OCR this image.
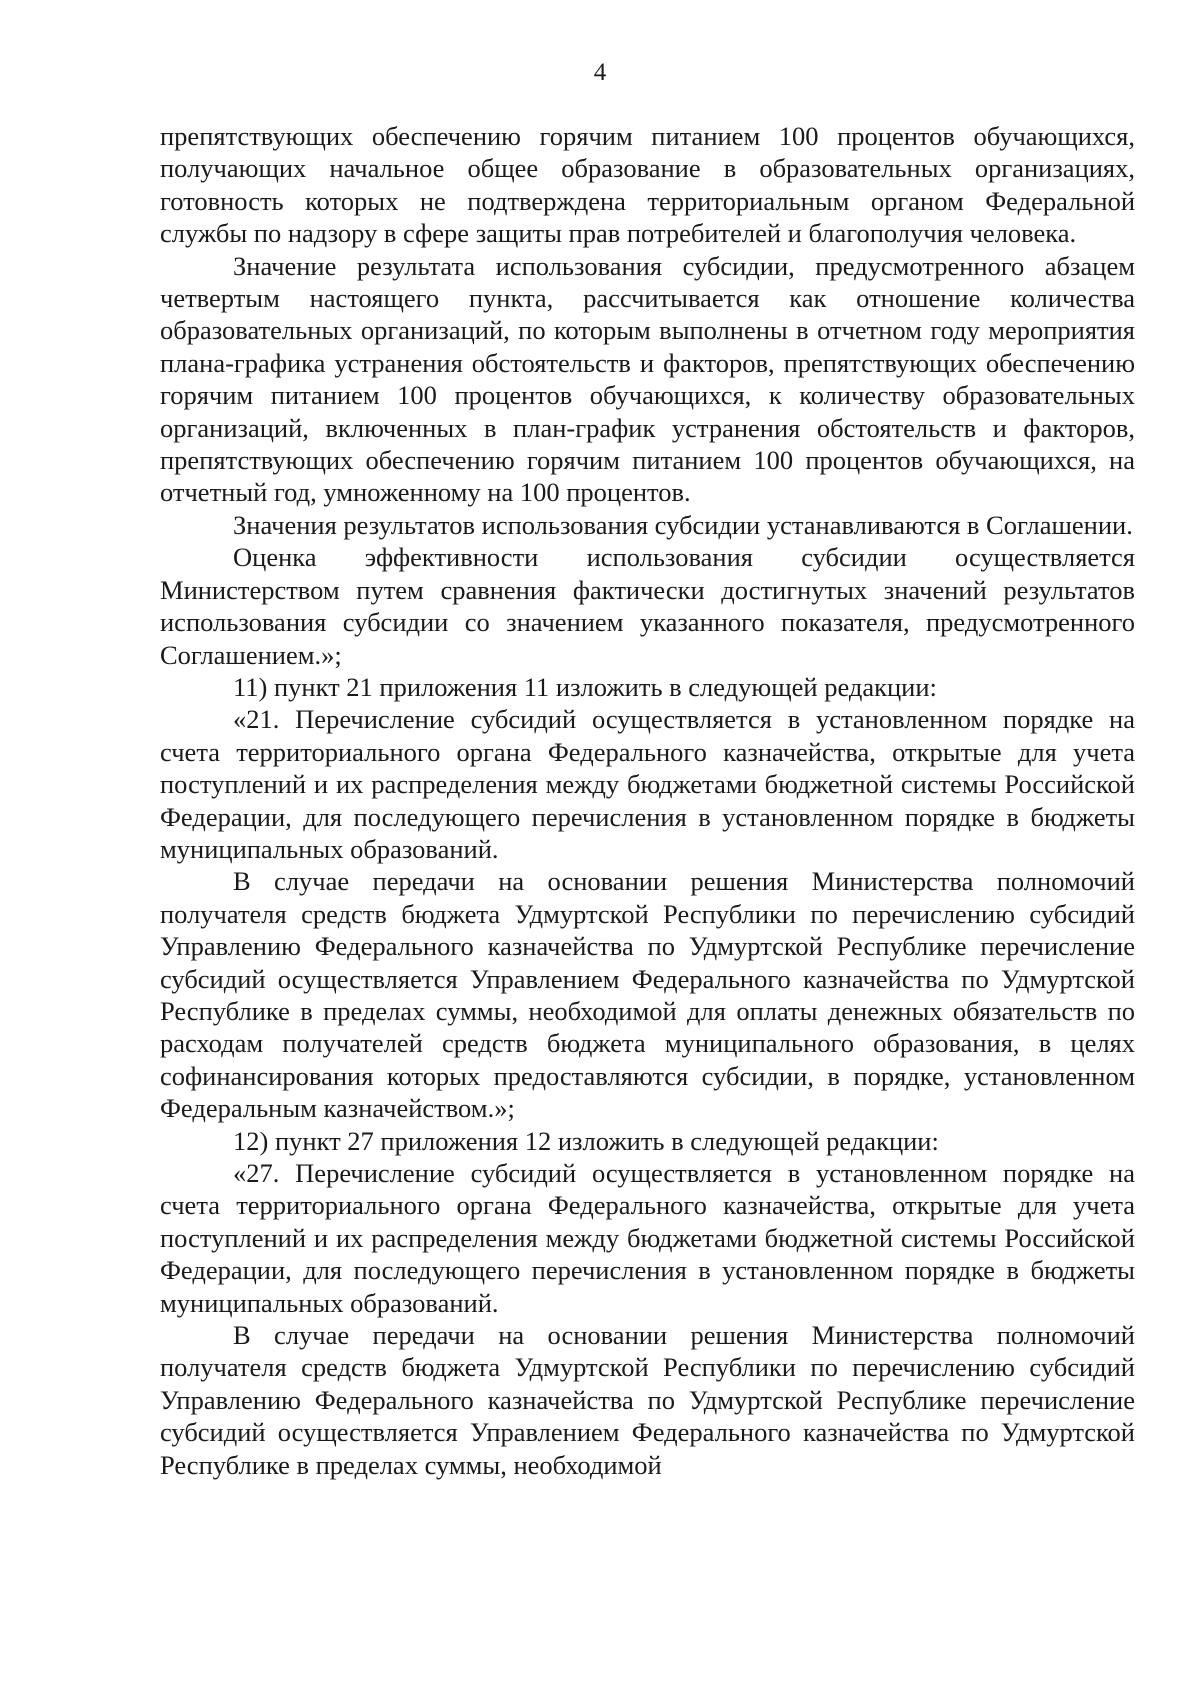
4

препятствующих обеспечению горячим питанием 100 процентов обучающихся, получающих начальное общее образование в образовательных организациях, готовность которых не подтверждена территориальным органом Федеральной службы по надзору в сфере защиты прав потребителей и благополучия человека.

Значение результата использования субсидии, предусмотренного абзацем четвертым настоящего пункта, рассчитывается как отношение количества образовательных организаций, по которым выполнены в отчетном году мероприятия плана-графика устранения обстоятельств и факторов, препятствующих обеспечению горячим питанием 100 процентов обучающихся, к количеству образовательных организаций, включенных в план-график устранения обстоятельств и факторов, препятствующих обеспечению горячим питанием 100 процентов обучающихся, на отчетный год, умноженному на 100 процентов.

Значения результатов использования субсидии устанавливаются в Соглашении.

Оценка эффективности использования субсидии осуществляется Министерством путем сравнения фактически достигнутых значений результатов использования субсидии со значением указанного показателя, предусмотренного Соглашением.»;

11) пункт 21 приложения 11 изложить в следующей редакции:

«21. Перечисление субсидий осуществляется в установленном порядке на счета территориального органа Федерального казначейства, открытые для учета поступлений и их распределения между бюджетами бюджетной системы Российской Федерации, для последующего перечисления в установленном порядке в бюджеты муниципальных образований.

В случае передачи на основании решения Министерства полномочий получателя средств бюджета Удмуртской Республики по перечислению субсидий Управлению Федерального казначейства по Удмуртской Республике перечисление субсидий осуществляется Управлением Федерального казначейства по Удмуртской Республике в пределах суммы, необходимой для оплаты денежных обязательств по расходам получателей средств бюджета муниципального образования, в целях софинансирования которых предоставляются субсидии, в порядке, установленном Федеральным казначейством.»;

12) пункт 27 приложения 12 изложить в следующей редакции:

«27. Перечисление субсидий осуществляется в установленном порядке на счета территориального органа Федерального казначейства, открытые для учета поступлений и их распределения между бюджетами бюджетной системы Российской Федерации, для последующего перечисления в установленном порядке в бюджеты муниципальных образований.

В случае передачи на основании решения Министерства полномочий получателя средств бюджета Удмуртской Республики по перечислению субсидий Управлению Федерального казначейства по Удмуртской Республике перечисление субсидий осуществляется Управлением Федерального казначейства по Удмуртской Республике в пределах суммы, необходимой
